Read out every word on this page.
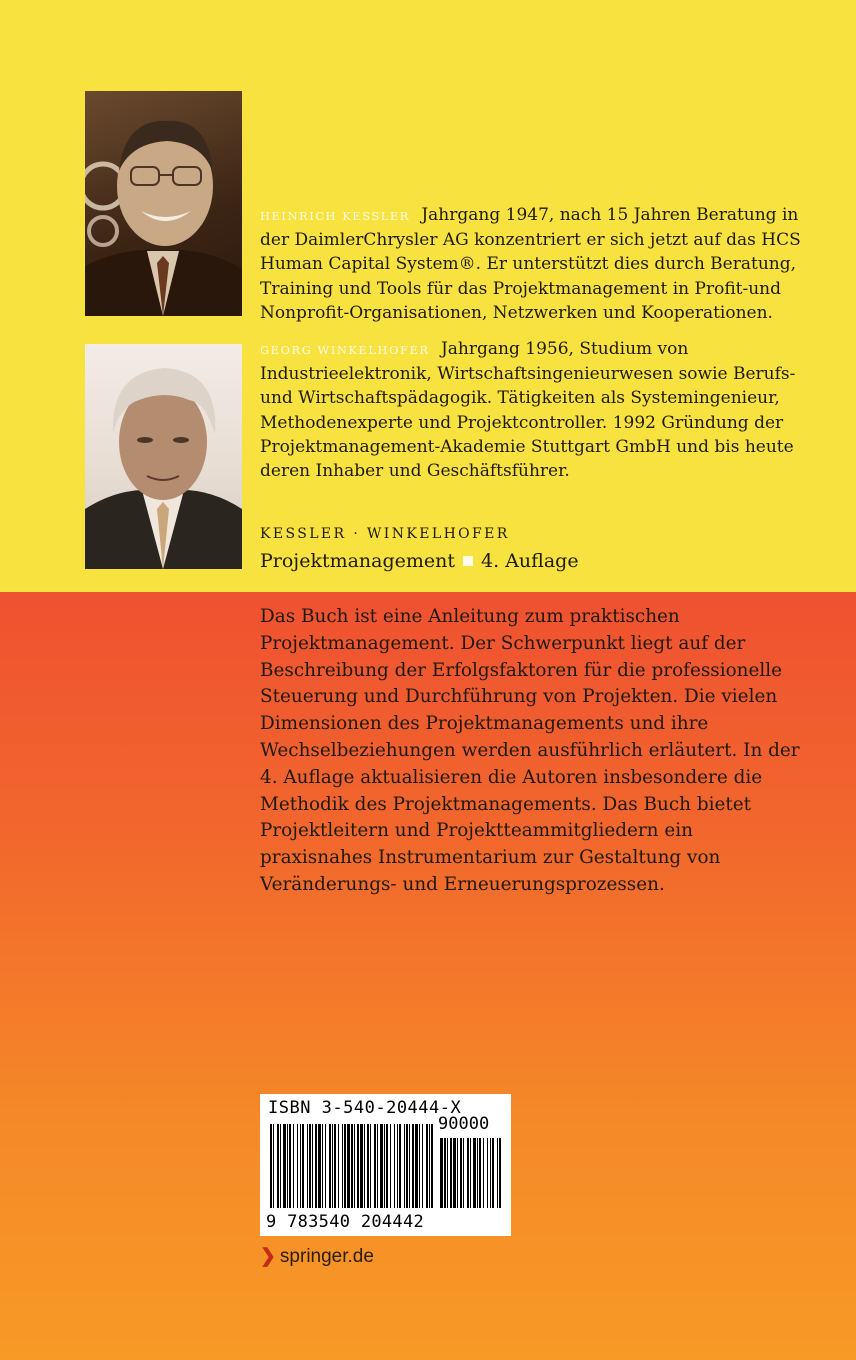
HEINRICH KESSLER Jahrgang 1947, nach 15 Jahren Beratung in der DaimlerChrysler AG konzentriert er sich jetzt auf das HCS Human Capital System®. Er unterstützt dies durch Beratung, Training und Tools für das Projektmanagement in Profit-und Nonprofit-Organisationen, Netzwerken und Kooperationen.
GEORG WINKELHOFER Jahrgang 1956, Studium von Industrieelektronik, Wirtschaftsingenieurwesen sowie Berufs- und Wirtschaftspädagogik. Tätigkeiten als Systemingenieur, Methodenexperte und Projektcontroller. 1992 Gründung der Projektmanagement-Akademie Stuttgart GmbH und bis heute deren Inhaber und Geschäftsführer.
KESSLER · WINKELHOFER
Projektmanagement 4. Auflage
Das Buch ist eine Anleitung zum praktischen Projektmanagement. Der Schwerpunkt liegt auf der Beschreibung der Erfolgsfaktoren für die professionelle Steuerung und Durchführung von Projekten. Die vielen Dimensionen des Projektmanagements und ihre Wechselbeziehungen werden ausführlich erläutert. In der 4. Auflage aktualisieren die Autoren insbesondere die Methodik des Projektmanagements. Das Buch bietet Projektleitern und Projektteammitgliedern ein praxisnahes Instrumentarium zur Gestaltung von Veränderungs- und Erneuerungsprozessen.
ISBN 3-540-20444-X
90000
9 783540 204442
❯ springer.de
